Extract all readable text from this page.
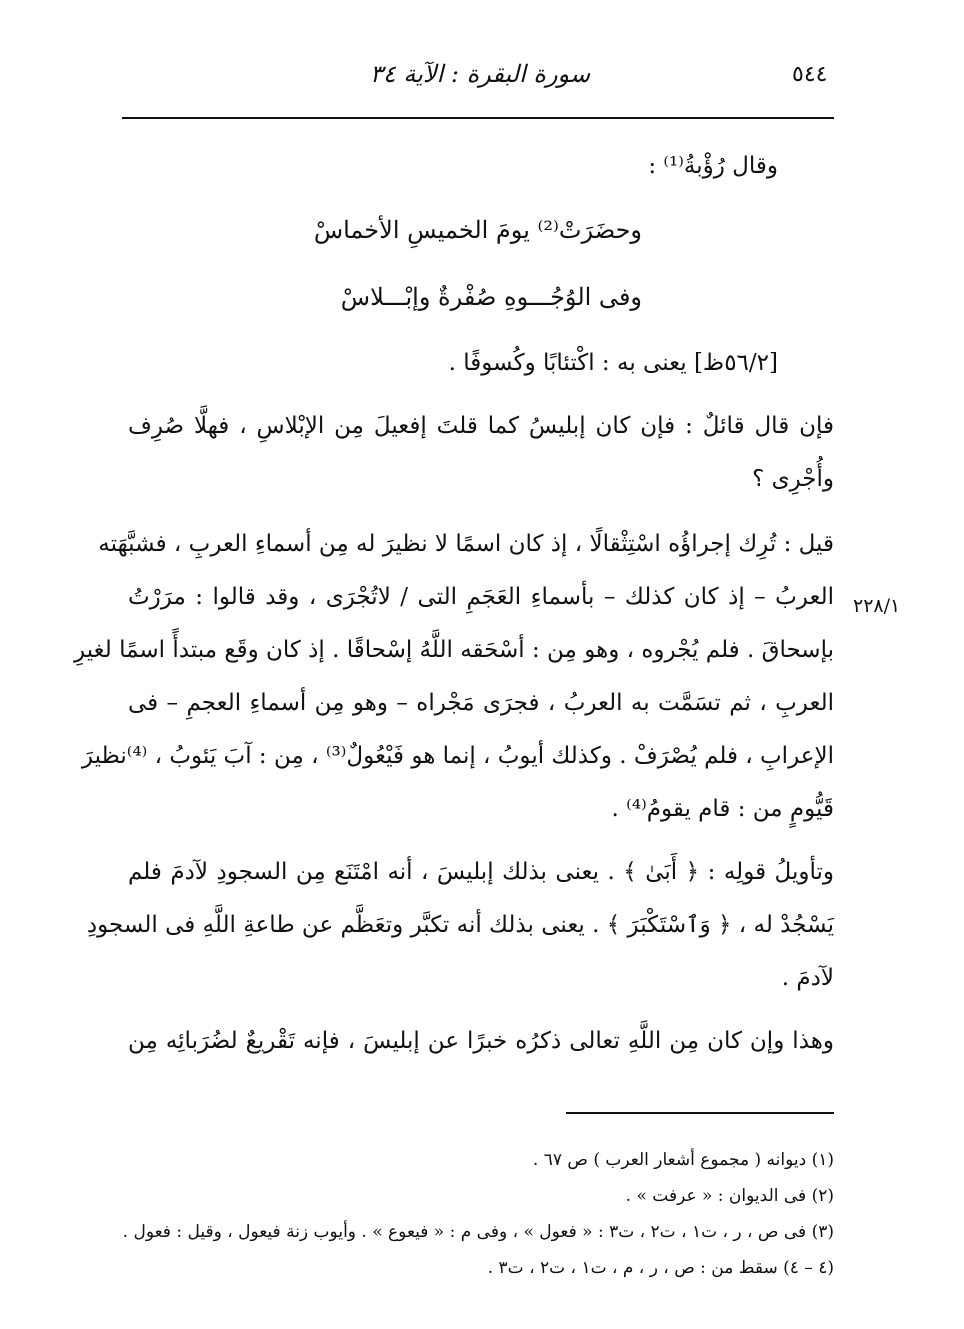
٥٤٤
سورة البقرة : الآية ٣٤
وقال رُؤْبةُ⁽¹⁾ :
وحضَرَتْ⁽²⁾ يومَ الخميسِ الأخماسْ
وفى الوُجُـــوهِ صُفْرةٌ وإبْـــلاسْ
[٥٦/٢ظ] يعنى به : اكْتئابًا وكُسوفًا .
فإن قال قائلٌ : فإن كان إبليسُ كما قلتَ إفعيلَ مِن الإبْلاسِ ، فهلَّا صُرِف
وأُجْرِى ؟
قيل : تُرِك إجراؤُه اسْتِثْقالًا ، إذ كان اسمًا لا نظيرَ له مِن أسماءِ العربِ ، فشبَّهَته
العربُ – إذ كان كذلك – بأسماءِ العَجَمِ التى / لاتُجْرَى ، وقد قالوا : مرَرْتُ ٢٢٨/١
بإسحاقَ . فلم يُجْروه ، وهو مِن : أسْحَقه اللَّهُ إسْحاقًا . إذ كان وقَع مبتدأً اسمًا لغيرِ
العربِ ، ثم تسَمَّت به العربُ ، فجرَى مَجْراه – وهو مِن أسماءِ العجمِ – فى
الإعرابِ ، فلم يُصْرَفْ . وكذلك أيوبُ ، إنما هو فَيْعُولٌ⁽³⁾ ، مِن : آبَ يَئوبُ ، ⁽⁴⁾نظيرَ
قَيُّومٍ من : قام يقومُ⁽⁴⁾ .
وتأويلُ قولِه : ﴿ أَبَىٰ ﴾ . يعنى بذلك إبليسَ ، أنه امْتَنَع مِن السجودِ لآدمَ فلم
يَسْجُدْ له ، ﴿ وَٱسْتَكْبَرَ ﴾ . يعنى بذلك أنه تكبَّر وتعَظَّم عن طاعةِ اللَّهِ فى السجودِ
لآدمَ .
وهذا وإن كان مِن اللَّهِ تعالى ذكرُه خبرًا عن إبليسَ ، فإنه تَقْريعٌ لضُرَبائِه مِن
(١) ديوانه ( مجموع أشعار العرب ) ص ٦٧ .
(٢) فى الديوان : « عرفت » .
(٣) فى ص ، ر ، ت١ ، ت٢ ، ت٣ : « فعول » ، وفى م : « فيعوع » . وأيوب زنة فيعول ، وقيل : فعول .
(٤ – ٤) سقط من : ص ، ر ، م ، ت١ ، ت٢ ، ت٣ .
